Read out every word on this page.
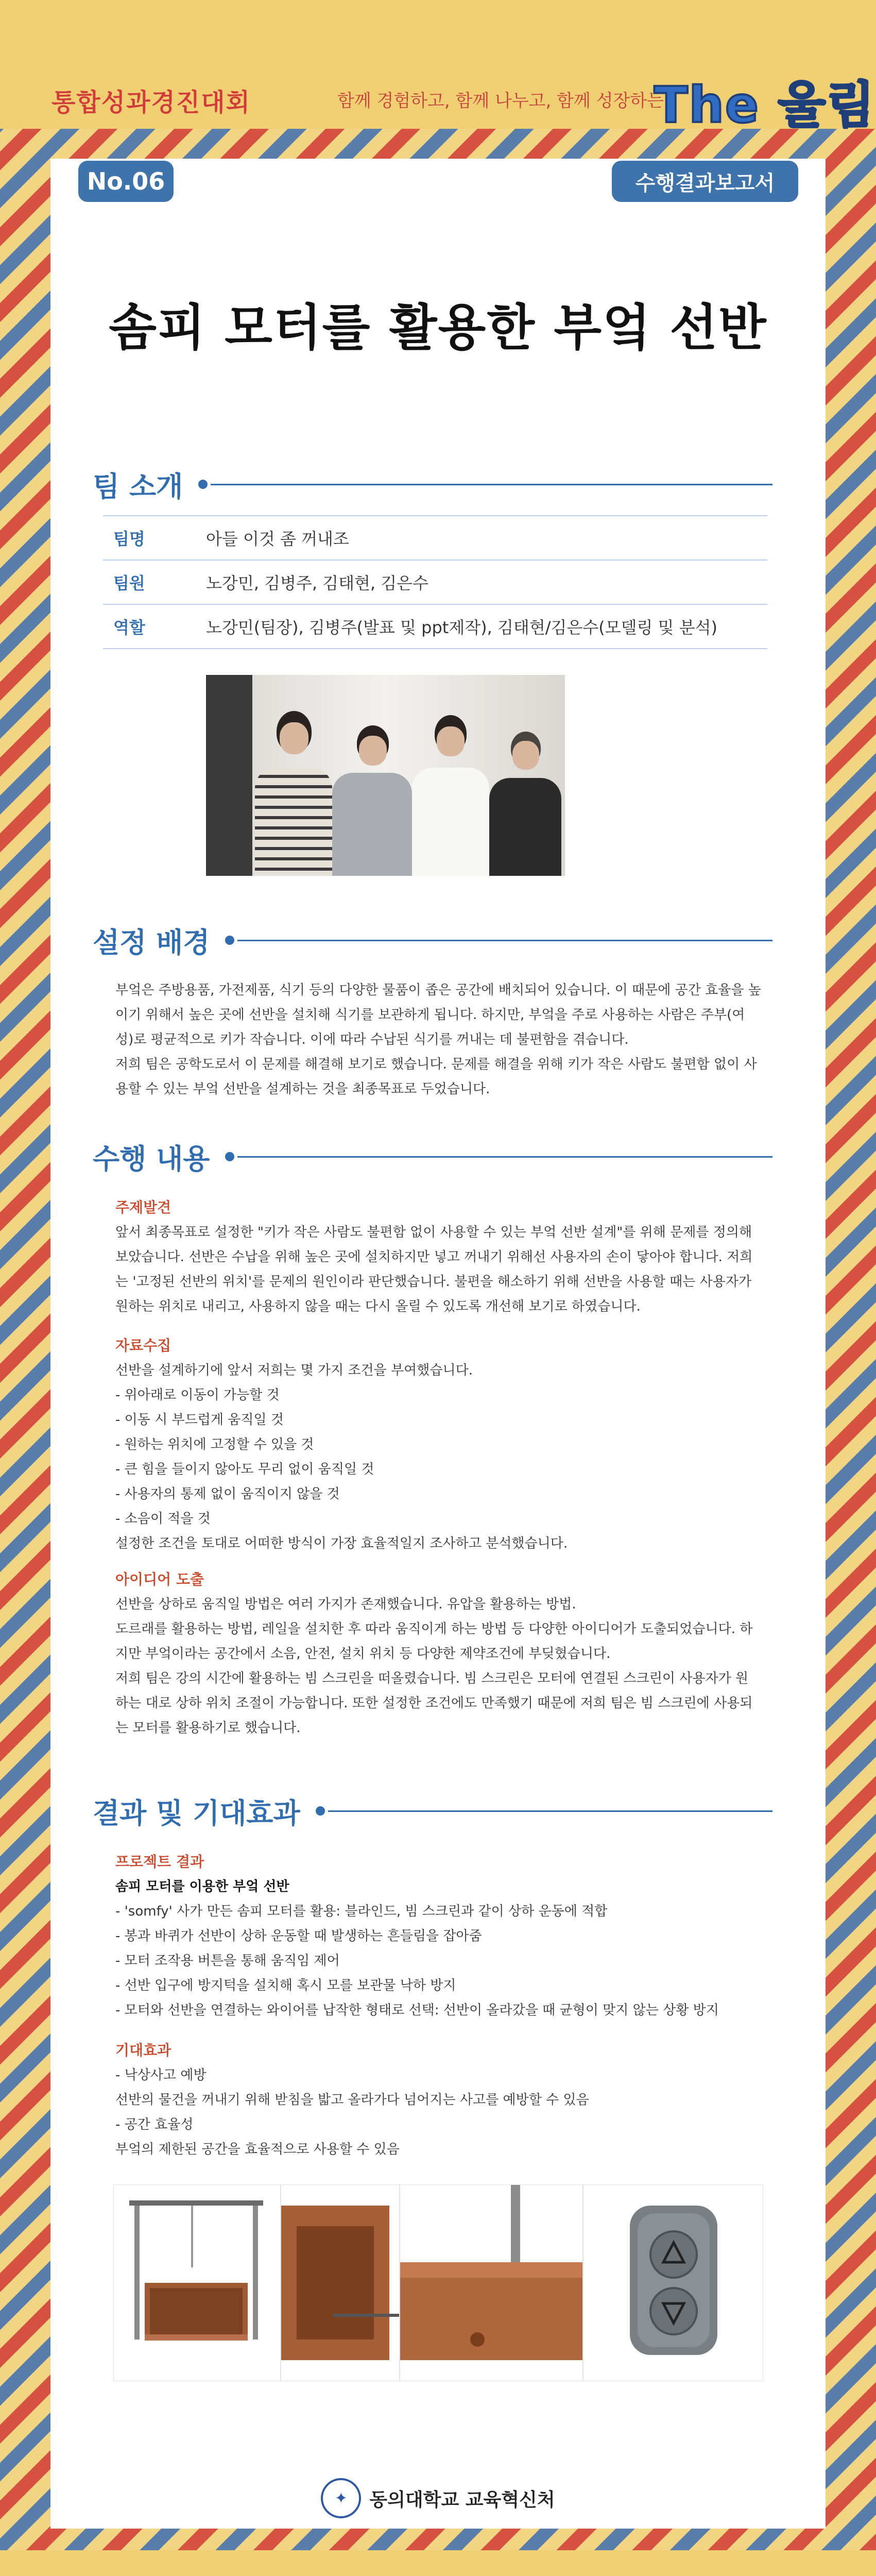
통합성과경진대회	함께 경험하고, 함께 나누고, 함께 성장하는
The 울림
No.06	수행결과보고서
솜피 모터를 활용한 부엌 선반
팀 소개
팀명	아들 이것 좀 꺼내조
팀원	노강민, 김병주, 김태현, 김은수
역할	노강민(팀장), 김병주(발표 및 ppt제작), 김태현/김은수(모델링 및 분석)
설정 배경
부엌은 주방용품, 가전제품, 식기 등의 다양한 물품이 좁은 공간에 배치되어 있습니다. 이 때문에 공간 효율을 높
이기 위해서 높은 곳에 선반을 설치해 식기를 보관하게 됩니다. 하지만, 부엌을 주로 사용하는 사람은 주부(여
성)로 평균적으로 키가 작습니다. 이에 따라 수납된 식기를 꺼내는 데 불편함을 겪습니다.
저희 팀은 공학도로서 이 문제를 해결해 보기로 했습니다. 문제를 해결을 위해 키가 작은 사람도 불편함 없이 사
용할 수 있는 부엌 선반을 설계하는 것을 최종목표로 두었습니다.
수행 내용
주제발견
앞서 최종목표로 설정한 "키가 작은 사람도 불편함 없이 사용할 수 있는 부엌 선반 설계"를 위해 문제를 정의해
보았습니다. 선반은 수납을 위해 높은 곳에 설치하지만 넣고 꺼내기 위해선 사용자의 손이 닿아야 합니다. 저희
는 '고정된 선반의 위치'를 문제의 원인이라 판단했습니다. 불편을 해소하기 위해 선반을 사용할 때는 사용자가
원하는 위치로 내리고, 사용하지 않을 때는 다시 올릴 수 있도록 개선해 보기로 하였습니다.
자료수집
선반을 설계하기에 앞서 저희는 몇 가지 조건을 부여했습니다.
- 위아래로 이동이 가능할 것
- 이동 시 부드럽게 움직일 것
- 원하는 위치에 고정할 수 있을 것
- 큰 힘을 들이지 않아도 무리 없이 움직일 것
- 사용자의 통제 없이 움직이지 않을 것
- 소음이 적을 것
설정한 조건을 토대로 어떠한 방식이 가장 효율적일지 조사하고 분석했습니다.
아이디어 도출
선반을 상하로 움직일 방법은 여러 가지가 존재했습니다. 유압을 활용하는 방법.
도르래를 활용하는 방법, 레일을 설치한 후 따라 움직이게 하는 방법 등 다양한 아이디어가 도출되었습니다. 하
지만 부엌이라는 공간에서 소음, 안전, 설치 위치 등 다양한 제약조건에 부딪혔습니다.
저희 팀은 강의 시간에 활용하는 빔 스크린을 떠올렸습니다. 빔 스크린은 모터에 연결된 스크린이 사용자가 원
하는 대로 상하 위치 조절이 가능합니다. 또한 설정한 조건에도 만족했기 때문에 저희 팀은 빔 스크린에 사용되
는 모터를 활용하기로 했습니다.
결과 및 기대효과
프로젝트 결과
솜피 모터를 이용한 부엌 선반
- 'somfy' 사가 만든 솜피 모터를 활용: 블라인드, 빔 스크린과 같이 상하 운동에 적합
- 봉과 바퀴가 선반이 상하 운동할 때 발생하는 흔들림을 잡아줌
- 모터 조작용 버튼을 통해 움직임 제어
- 선반 입구에 방지턱을 설치해 혹시 모를 보관물 낙하 방지
- 모터와 선반을 연결하는 와이어를 납작한 형태로 선택: 선반이 올라갔을 때 균형이 맞지 않는 상황 방지
기대효과
- 낙상사고 예방
선반의 물건을 꺼내기 위해 받침을 밟고 올라가다 넘어지는 사고를 예방할 수 있음
- 공간 효율성
부엌의 제한된 공간을 효율적으로 사용할 수 있음
✦	동의대학교 교육혁신처
